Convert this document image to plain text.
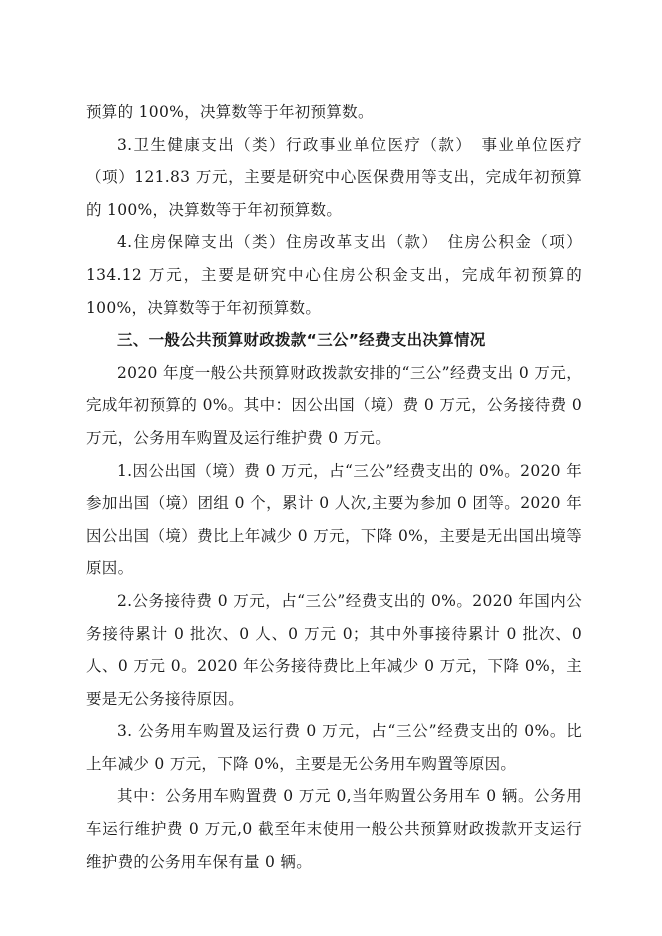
预算的 100%，决算数等于年初预算数。

3.卫生健康支出（类）行政事业单位医疗（款）　事业单位医疗（项）121.83 万元，主要是研究中心医保费用等支出，完成年初预算的 100%，决算数等于年初预算数。

4.住房保障支出（类）住房改革支出（款）　住房公积金（项）134.12 万元，主要是研究中心住房公积金支出，完成年初预算的 100%，决算数等于年初预算数。

三、一般公共预算财政拨款“三公”经费支出决算情况

2020 年度一般公共预算财政拨款安排的“三公”经费支出 0 万元，完成年初预算的 0%。其中：因公出国（境）费 0 万元，公务接待费 0 万元，公务用车购置及运行维护费 0 万元。

1.因公出国（境）费 0 万元，占“三公”经费支出的 0%。2020 年参加出国（境）团组 0 个，累计 0 人次,主要为参加 0 团等。2020 年因公出国（境）费比上年减少 0 万元，下降 0%，主要是无出国出境等原因。

2.公务接待费 0 万元，占“三公”经费支出的 0%。2020 年国内公务接待累计 0 批次、0 人、0 万元 0；其中外事接待累计 0 批次、0 人、0 万元 0。2020 年公务接待费比上年减少 0 万元，下降 0%，主要是无公务接待原因。

3. 公务用车购置及运行费 0 万元，占“三公”经费支出的 0%。比上年减少 0 万元，下降 0%，主要是无公务用车购置等原因。

其中：公务用车购置费 0 万元 0,当年购置公务用车 0 辆。公务用车运行维护费 0 万元,0 截至年末使用一般公共预算财政拨款开支运行维护费的公务用车保有量 0 辆。
